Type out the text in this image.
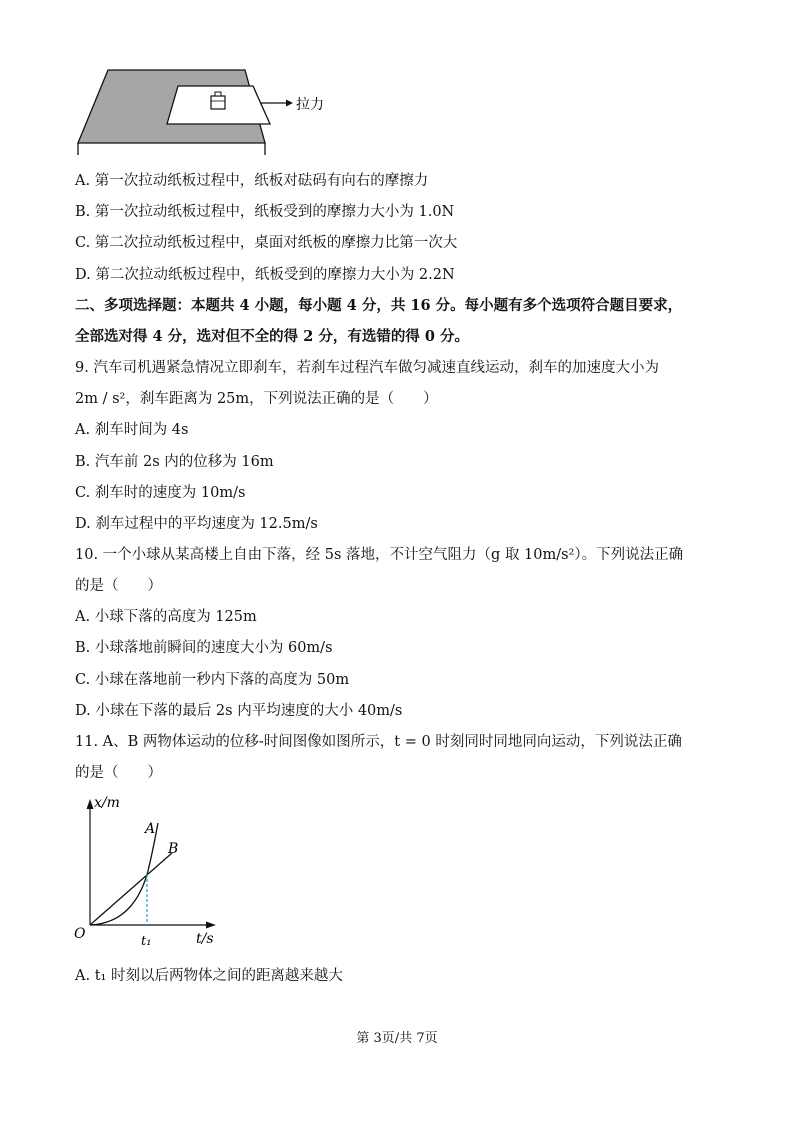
拉力
A. 第一次拉动纸板过程中，纸板对砝码有向右的摩擦力
B. 第一次拉动纸板过程中，纸板受到的摩擦力大小为 1.0N
C. 第二次拉动纸板过程中，桌面对纸板的摩擦力比第一次大
D. 第二次拉动纸板过程中，纸板受到的摩擦力大小为 2.2N
二、多项选择题：本题共 4 小题，每小题 4 分，共 16 分。每小题有多个选项符合题目要求，
全部选对得 4 分，选对但不全的得 2 分，有选错的得 0 分。
9. 汽车司机遇紧急情况立即刹车，若刹车过程汽车做匀减速直线运动，刹车的加速度大小为
2m / s²，刹车距离为 25m，下列说法正确的是（　　）
A. 刹车时间为 4s
B. 汽车前 2s 内的位移为 16m
C. 刹车时的速度为 10m/s
D. 刹车过程中的平均速度为 12.5m/s
10. 一个小球从某高楼上自由下落，经 5s 落地，不计空气阻力（g 取 10m/s²）。下列说法正确
的是（　　）
A. 小球下落的高度为 125m
B. 小球落地前瞬间的速度大小为 60m/s
C. 小球在落地前一秒内下落的高度为 50m
D. 小球在下落的最后 2s 内平均速度的大小 40m/s
11. A、B 两物体运动的位移-时间图像如图所示，t = 0 时刻同时同地同向运动，下列说法正确
的是（　　）
x/m
t/s
O	t₁
A
B
A. t₁ 时刻以后两物体之间的距离越来越大
第 3页/共 7页
